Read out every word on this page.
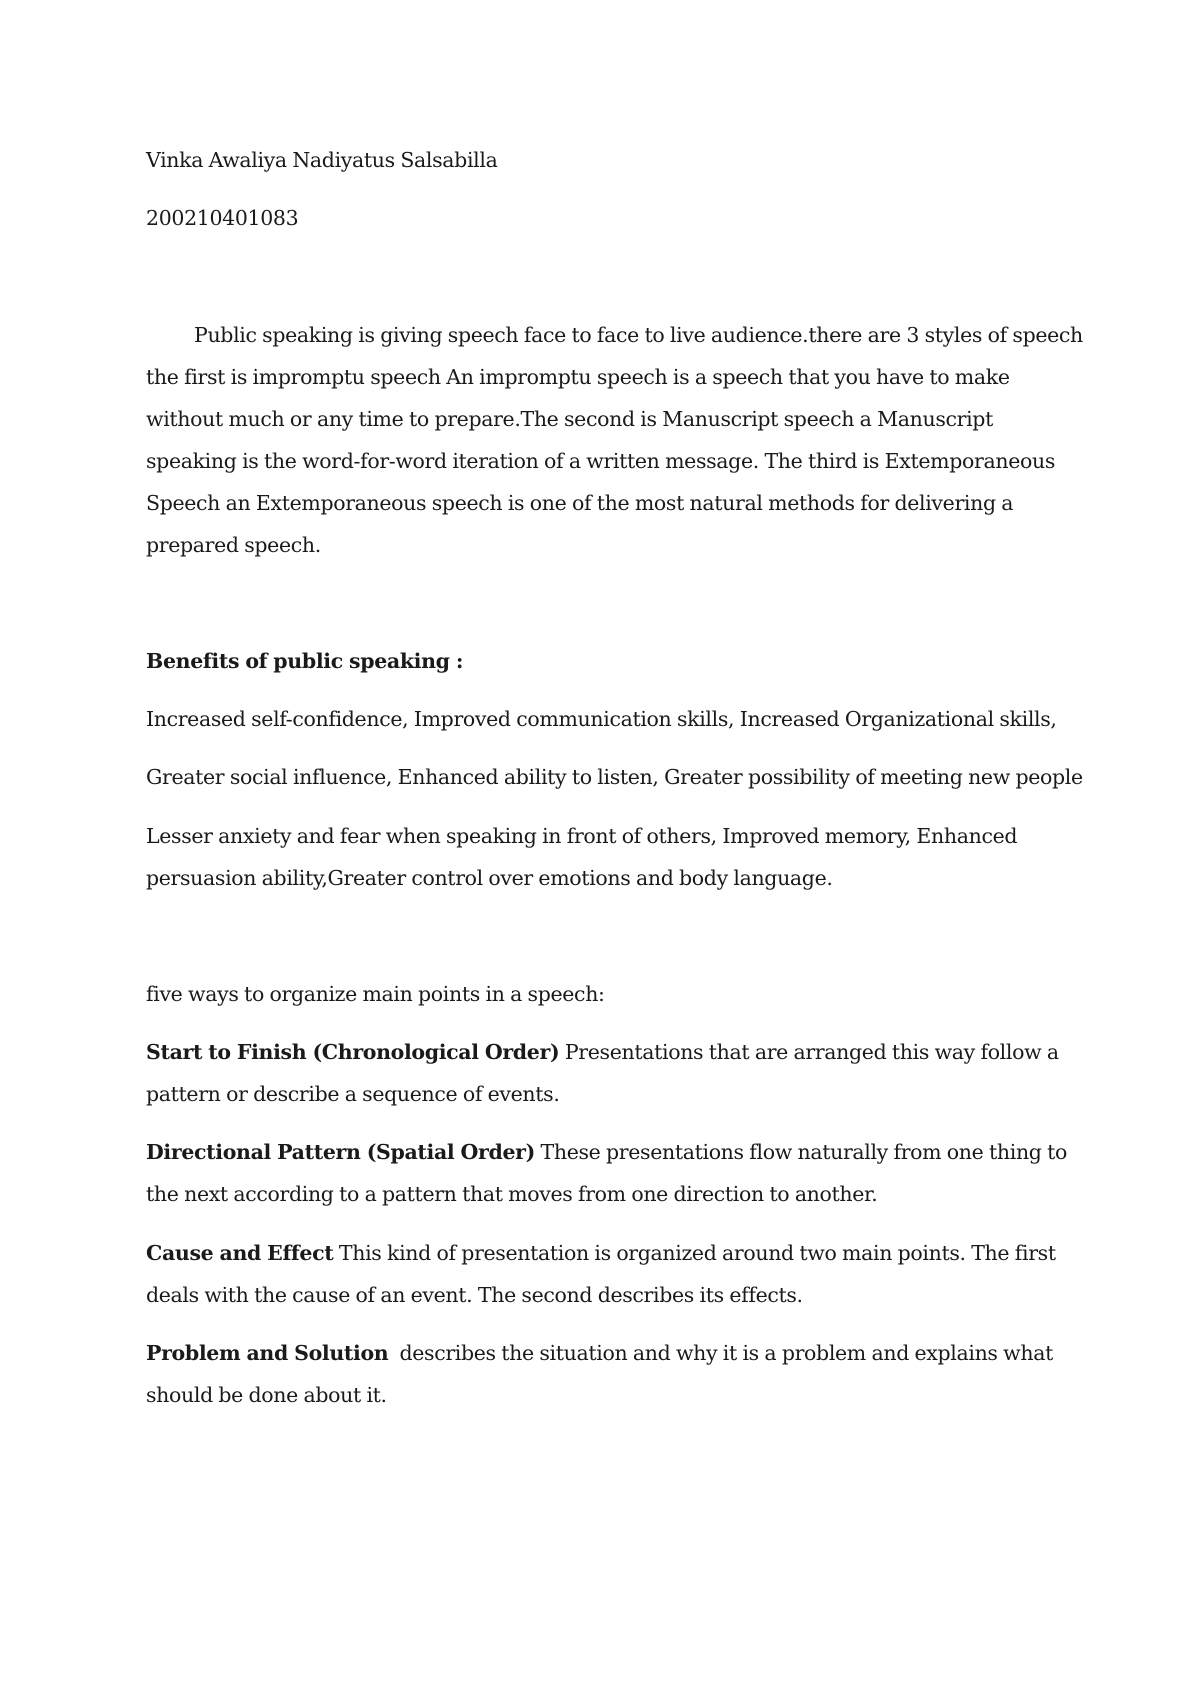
Vinka Awaliya Nadiyatus Salsabilla
200210401083
Public speaking is giving speech face to face to live audience.there are 3 styles of speech
the first is impromptu speech An impromptu speech is a speech that you have to make
without much or any time to prepare.The second is Manuscript speech a Manuscript
speaking is the word-for-word iteration of a written message. The third is Extemporaneous
Speech an Extemporaneous speech is one of the most natural methods for delivering a
prepared speech.
Benefits of public speaking :
Increased self-confidence, Improved communication skills, Increased Organizational skills,
Greater social influence, Enhanced ability to listen, Greater possibility of meeting new people
Lesser anxiety and fear when speaking in front of others, Improved memory, Enhanced
persuasion ability,Greater control over emotions and body language.
five ways to organize main points in a speech:
Start to Finish (Chronological Order) Presentations that are arranged this way follow a
pattern or describe a sequence of events.
Directional Pattern (Spatial Order) These presentations flow naturally from one thing to
the next according to a pattern that moves from one direction to another.
Cause and Effect This kind of presentation is organized around two main points. The first
deals with the cause of an event. The second describes its effects.
Problem and Solution  describes the situation and why it is a problem and explains what
should be done about it.
